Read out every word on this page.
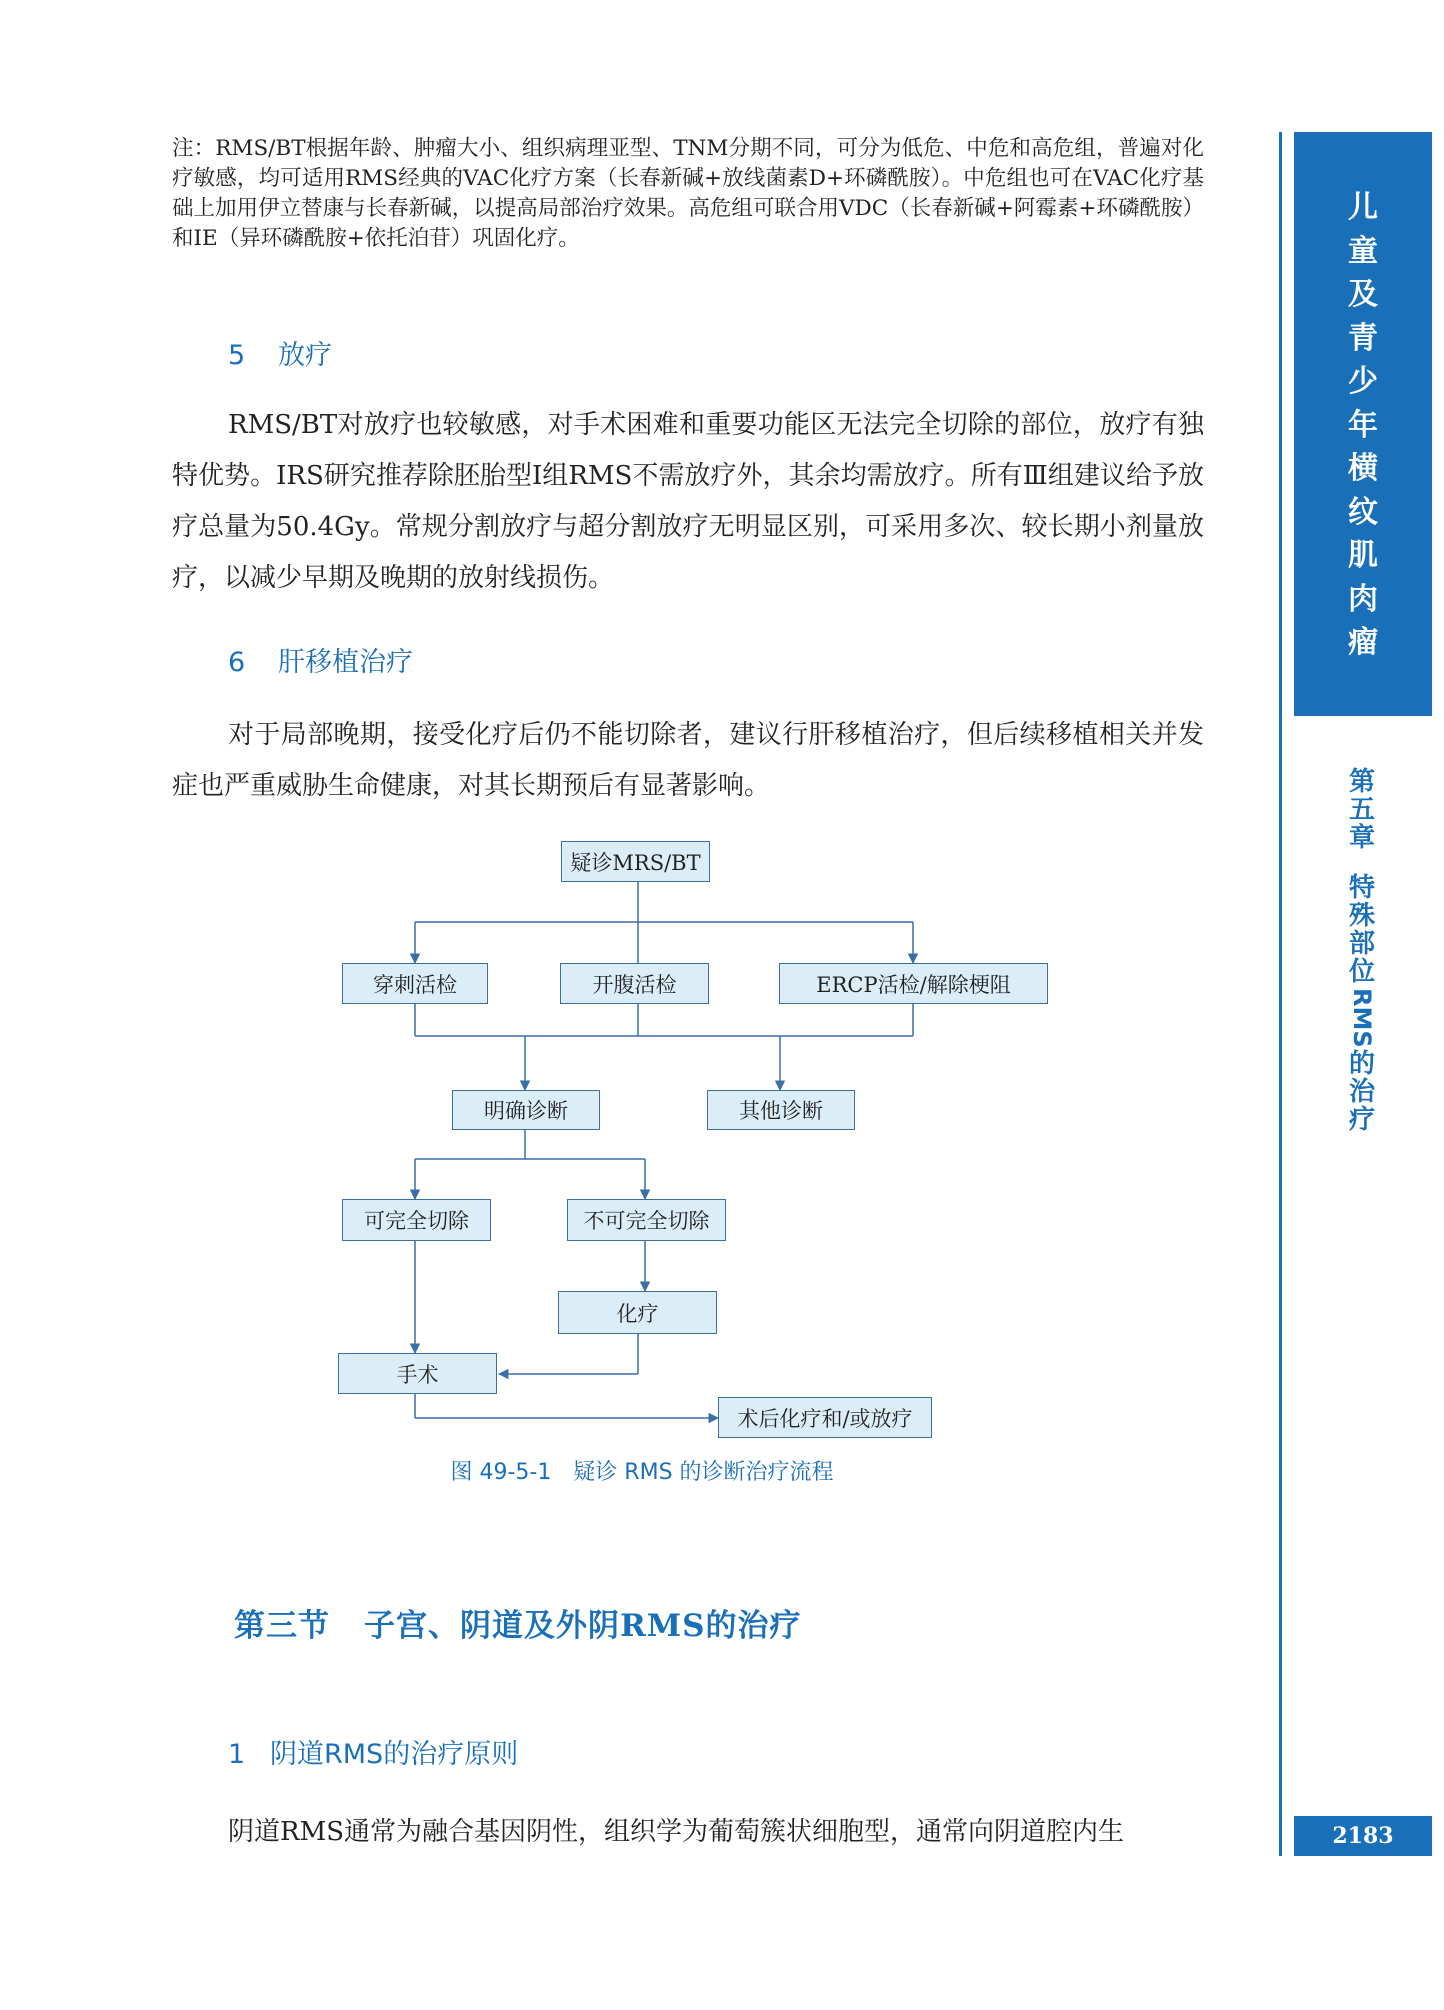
注：RMS/BT根据年龄、肿瘤大小、组织病理亚型、TNM分期不同，可分为低危、中危和高危组，普遍对化疗敏感，均可适用RMS经典的VAC化疗方案（长春新碱+放线菌素D+环磷酰胺）。中危组也可在VAC化疗基础上加用伊立替康与长春新碱，以提高局部治疗效果。高危组可联合用VDC（长春新碱+阿霉素+环磷酰胺）和IE（异环磷酰胺+依托泊苷）巩固化疗。
5 放疗
RMS/BT对放疗也较敏感，对手术困难和重要功能区无法完全切除的部位，放疗有独特优势。IRS研究推荐除胚胎型Ⅰ组RMS不需放疗外，其余均需放疗。所有Ⅲ组建议给予放疗总量为50.4Gy。常规分割放疗与超分割放疗无明显区别，可采用多次、较长期小剂量放疗，以减少早期及晚期的放射线损伤。
6 肝移植治疗
对于局部晚期，接受化疗后仍不能切除者，建议行肝移植治疗，但后续移植相关并发症也严重威胁生命健康，对其长期预后有显著影响。
疑诊MRS/BT
穿刺活检	开腹活检	ERCP活检/解除梗阻
明确诊断	其他诊断
可完全切除	不可完全切除
化疗
手术
术后化疗和/或放疗
图 49-5-1　疑诊 RMS 的诊断治疗流程
第三节 子宫、阴道及外阴RMS的治疗
1 阴道RMS的治疗原则
阴道RMS通常为融合基因阴性，组织学为葡萄簇状细胞型，通常向阴道腔内生
儿
童
及
青
少
年
横
纹
肌
肉
瘤
第
五
章
特
殊
部
位
RMS
的
治
疗
2183
